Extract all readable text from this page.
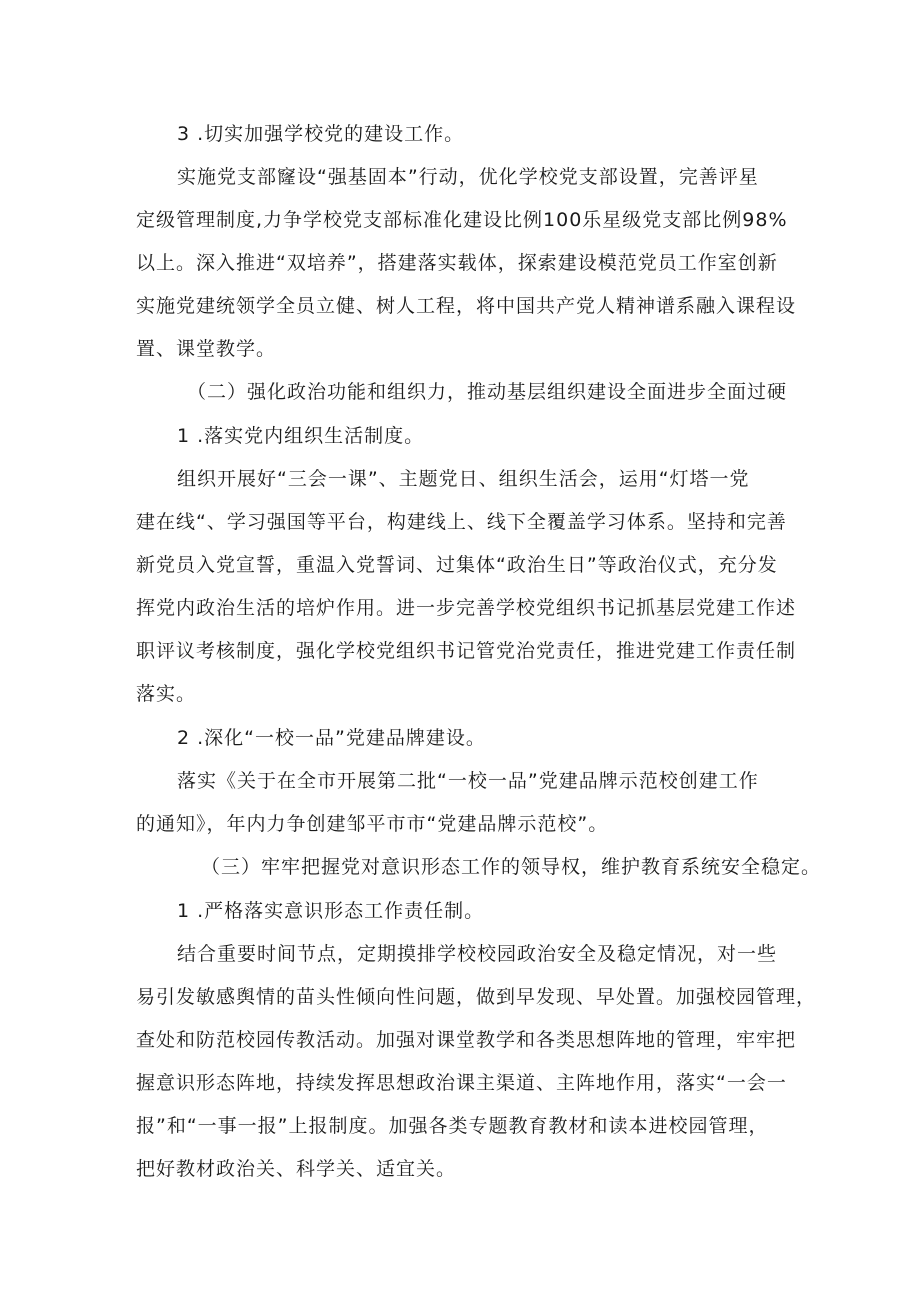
3 .切实加强学校党的建设工作。
实施党支部窿设“强基固本”行动，优化学校党支部设置，完善评星
定级管理制度,力争学校党支部标准化建设比例100乐星级党支部比例98%
以上。深入推进“双培养”，搭建落实载体，探索建设模范党员工作室创新
实施党建统领学全员立健、树人工程，将中国共产党人精神谱系融入课程设
置、课堂教学。
（二）强化政治功能和组织力，推动基层组织建设全面进步全面过硬
1 .落实党内组织生活制度。
组织开展好“三会一课”、主题党日、组织生活会，运用“灯塔一党
建在线“、学习强国等平台，构建线上、线下全覆盖学习体系。坚持和完善
新党员入党宣誓，重温入党誓词、过集体“政治生日”等政治仪式，充分发
挥党内政治生活的培炉作用。进一步完善学校党组织书记抓基层党建工作述
职评议考核制度，强化学校党组织书记管党治党责任，推进党建工作责任制
落实。
2 .深化“一校一品”党建品牌建设。
落实《关于在全市开展第二批“一校一品”党建品牌示范校创建工作
的通知》，年内力争创建邹平市市“党建品牌示范校”。
（三）牢牢把握党对意识形态工作的领导权，维护教育系统安全稳定。
1 .严格落实意识形态工作责任制。
结合重要时间节点，定期摸排学校校园政治安全及稳定情况，对一些
易引发敏感舆情的苗头性倾向性问题，做到早发现、早处置。加强校园管理，
查处和防范校园传教活动。加强对课堂教学和各类思想阵地的管理，牢牢把
握意识形态阵地，持续发挥思想政治课主渠道、主阵地作用，落实“一会一
报”和“一事一报”上报制度。加强各类专题教育教材和读本进校园管理，
把好教材政治关、科学关、适宜关。
